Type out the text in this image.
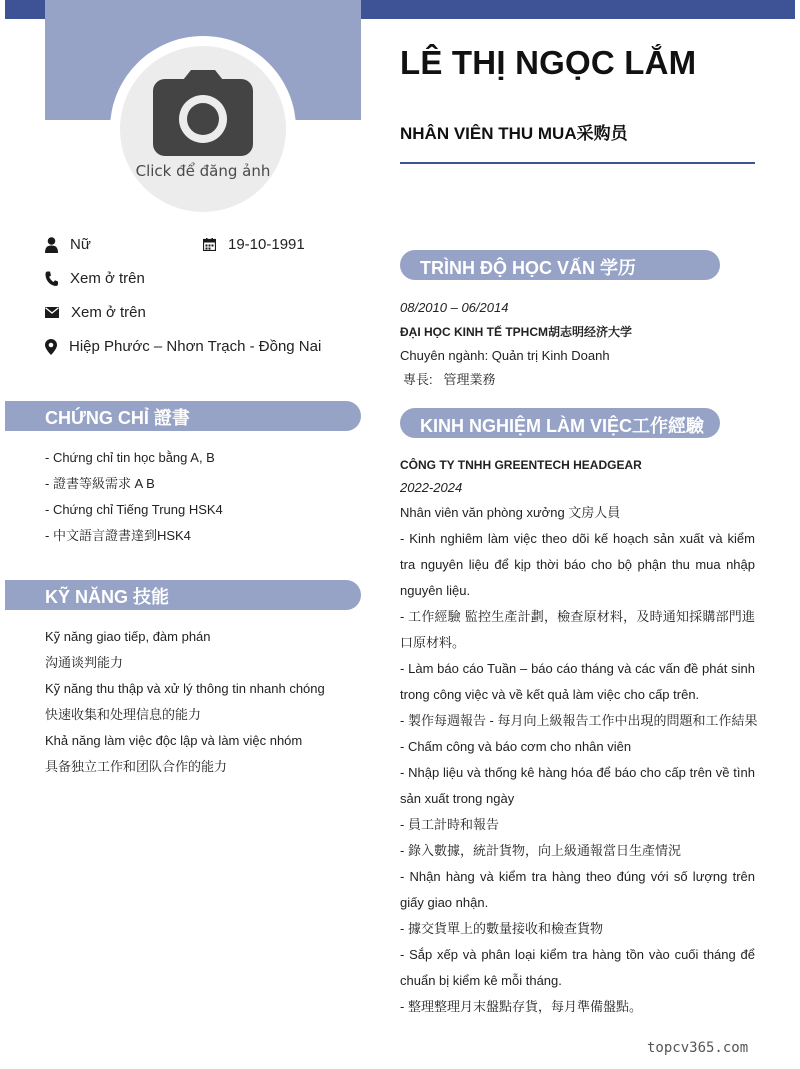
Click để đăng ảnh
LÊ THỊ NGỌC LẮM
NHÂN VIÊN THU MUA采购员
Nữ	19-10-1991
Xem ở trên
Xem ở trên
Hiệp Phước – Nhơn Trạch - Đồng Nai
CHỨNG CHỈ 證書
- Chứng chỉ tin học bằng A, B
- 證書等級需求 A B
- Chứng chỉ Tiếng Trung HSK4
- 中文語言證書達到HSK4
KỸ NĂNG 技能
Kỹ năng giao tiếp, đàm phán
沟通谈判能力
Kỹ năng thu thập và xử lý thông tin nhanh chóng
快速收集和处理信息的能力
Khả năng làm việc độc lập và làm việc nhóm
具备独立工作和团队合作的能力
TRÌNH ĐỘ HỌC VẤN 学历
08/2010 – 06/2014
ĐẠI HỌC KINH TẾ TPHCM胡志明经济大学
Chuyên ngành: Quản trị Kinh Doanh
專長:   管理業務
KINH NGHIỆM LÀM VIỆC工作經驗
CÔNG TY TNHH GREENTECH HEADGEAR
2022-2024
Nhân viên văn phòng xưởng 文房人員
- Kinh nghiêm làm việc theo dõi kế hoạch sản xuất và kiểm tra nguyên liệu để kịp thời báo cho bộ phận thu mua nhập nguyên liệu.
- 工作經驗 監控生產計劃，檢查原材料，及時通知採購部門進口原材料。
- Làm báo cáo Tuần – báo cáo tháng và các vấn đề phát sinh trong công việc và về kết quả làm việc cho cấp trên.
- 製作每週報告 - 每月向上級報告工作中出現的問題和工作結果
- Chấm công và báo cơm cho nhân viên
- Nhập liệu và thống kê hàng hóa để báo cho cấp trên về tình sản xuất trong ngày
- 員工計時和報告
- 錄入數據，統計貨物，向上級通報當日生產情況
- Nhận hàng và kiểm tra hàng theo đúng với số lượng trên giấy giao nhận.
- 據交貨單上的數量接收和檢查貨物
- Sắp xếp và phân loại kiểm tra hàng tồn vào cuối tháng để chuẩn bị kiểm kê mỗi tháng.
- 整理整理月末盤點存貨，每月準備盤點。
topcv365.com
